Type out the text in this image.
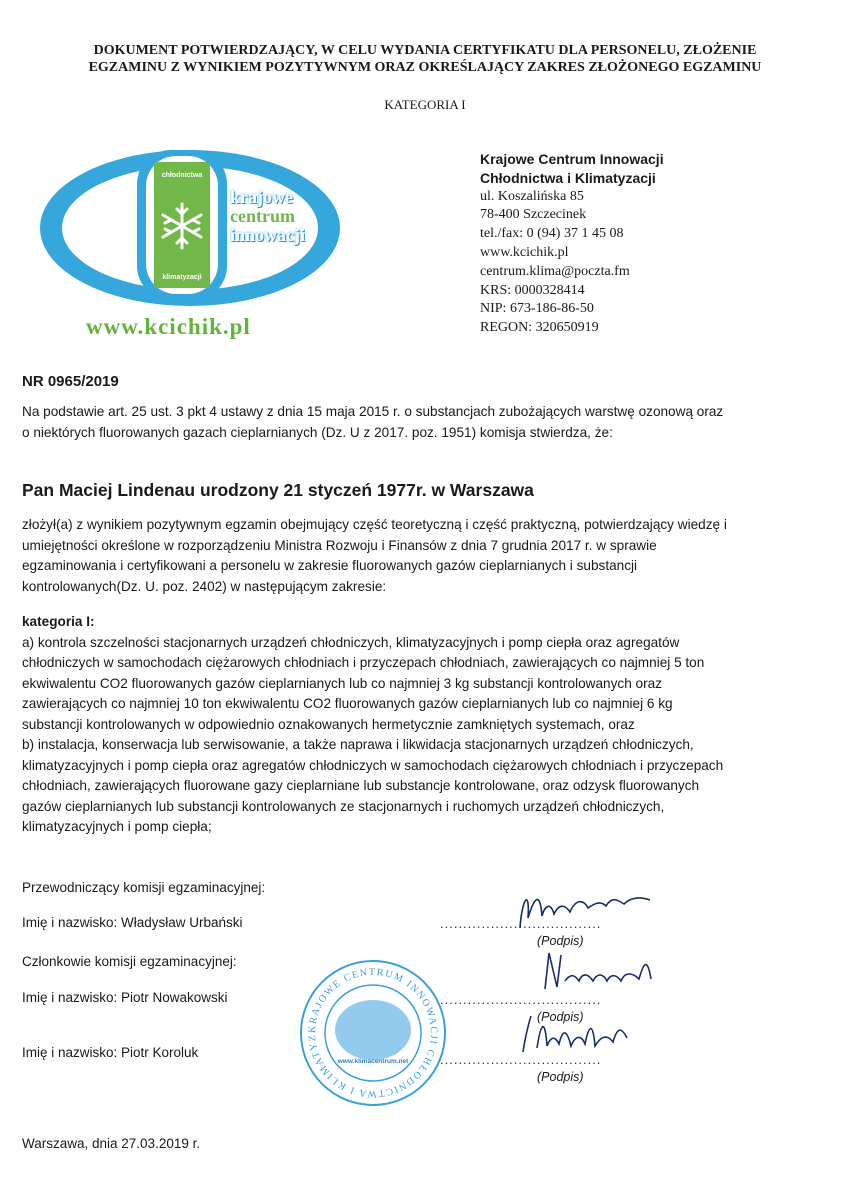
DOKUMENT POTWIERDZAJĄCY, W CELU WYDANIA CERTYFIKATU DLA PERSONELU, ZŁOŻENIE
EGZAMINU Z WYNIKIEM POZYTYWNYM ORAZ OKREŚLAJĄCY ZAKRES ZŁOŻONEGO EGZAMINU
KATEGORIA I
chłodnictwa
klimatyzacji
krajowe
centrum
innowacji
www.kcichik.pl
Krajowe Centrum Innowacji
Chłodnictwa i Klimatyzacji
ul. Koszalińska 85
78-400 Szczecinek
tel./fax: 0 (94) 37 1 45 08
www.kcichik.pl
centrum.klima@poczta.fm
KRS: 0000328414
NIP: 673-186-86-50
REGON: 320650919
NR 0965/2019
Na podstawie art. 25 ust. 3 pkt 4 ustawy z dnia 15 maja 2015 r. o substancjach zubożających warstwę ozonową oraz
o niektórych fluorowanych gazach cieplarnianych (Dz. U z 2017. poz. 1951) komisja stwierdza, że:
Pan Maciej Lindenau urodzony 21 styczeń 1977r. w Warszawa
złożył(a) z wynikiem pozytywnym egzamin obejmujący część teoretyczną i część praktyczną, potwierdzający wiedzę i
umiejętności określone w rozporządzeniu Ministra Rozwoju i Finansów z dnia 7 grudnia 2017 r. w sprawie
egzaminowania i certyfikowani a personelu w zakresie fluorowanych gazów cieplarnianych i substancji
kontrolowanych(Dz. U. poz. 2402) w następującym zakresie:
kategoria I:
a) kontrola szczelności stacjonarnych urządzeń chłodniczych, klimatyzacyjnych i pomp ciepła oraz agregatów
chłodniczych w samochodach ciężarowych chłodniach i przyczepach chłodniach, zawierających co najmniej 5 ton
ekwiwalentu CO2 fluorowanych gazów cieplarnianych lub co najmniej 3 kg substancji kontrolowanych oraz
zawierających co najmniej 10 ton ekwiwalentu CO2 fluorowanych gazów cieplarnianych lub co najmniej 6 kg
substancji kontrolowanych w odpowiednio oznakowanych hermetycznie zamkniętych systemach, oraz
b) instalacja, konserwacja lub serwisowanie, a także naprawa i likwidacja stacjonarnych urządzeń chłodniczych,
klimatyzacyjnych i pomp ciepła oraz agregatów chłodniczych w samochodach ciężarowych chłodniach i przyczepach
chłodniach, zawierających fluorowane gazy cieplarniane lub substancje kontrolowane, oraz odzysk fluorowanych
gazów cieplarnianych lub substancji kontrolowanych ze stacjonarnych i ruchomych urządzeń chłodniczych,
klimatyzacyjnych i pomp ciepła;
Przewodniczący komisji egzaminacyjnej:
Imię i nazwisko: Władysław Urbański
Członkowie komisji egzaminacyjnej:
Imię i nazwisko: Piotr Nowakowski
Imię i nazwisko: Piotr Koroluk
...................................
(Podpis)
...................................
(Podpis)
...................................
(Podpis)
KRAJOWE CENTRUM INNOWACJI CHŁODNICTWA I KLIMATYZ
www.klimacentrum.net
Warszawa, dnia 27.03.2019 r.
